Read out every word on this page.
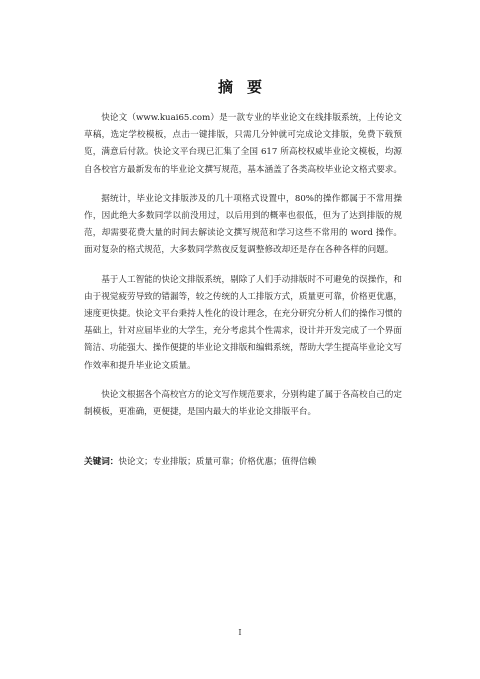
摘要

快论文（www.kuai65.com）是一款专业的毕业论文在线排版系统，上传论文草稿，选定学校模板，点击一键排版，只需几分钟就可完成论文排版，免费下载预览，满意后付款。快论文平台现已汇集了全国 617 所高校权威毕业论文模板，均源自各校官方最新发布的毕业论文撰写规范，基本涵盖了各类高校毕业论文格式要求。

据统计，毕业论文排版涉及的几十项格式设置中，80%的操作都属于不常用操作，因此绝大多数同学以前没用过，以后用到的概率也很低，但为了达到排版的规范，却需要花费大量的时间去解读论文撰写规范和学习这些不常用的 word 操作。面对复杂的格式规范，大多数同学熬夜反复调整修改却还是存在各种各样的问题。

基于人工智能的快论文排版系统，剔除了人们手动排版时不可避免的误操作，和由于视觉疲劳导致的错漏等，较之传统的人工排版方式，质量更可靠，价格更优惠，速度更快捷。快论文平台秉持人性化的设计理念，在充分研究分析人们的操作习惯的基础上，针对应届毕业的大学生，充分考虑其个性需求，设计并开发完成了一个界面简洁、功能强大、操作便捷的毕业论文排版和编辑系统，帮助大学生提高毕业论文写作效率和提升毕业论文质量。

快论文根据各个高校官方的论文写作规范要求，分别构建了属于各高校自己的定制模板，更准确，更便捷，是国内最大的毕业论文排版平台。

关键词：快论文；专业排版；质量可靠；价格优惠；值得信赖
I
